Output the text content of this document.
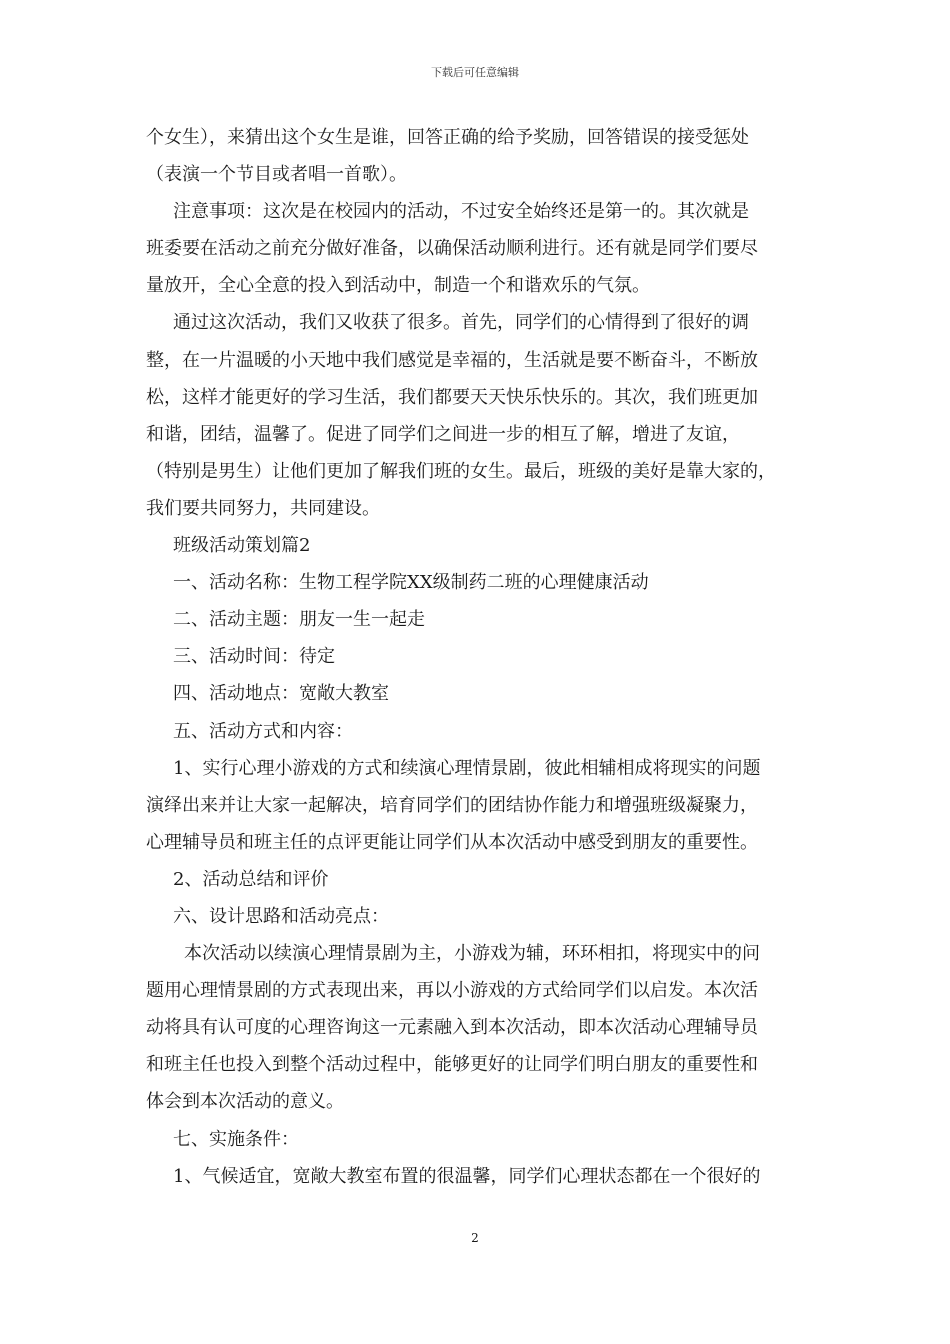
下载后可任意编辑
个女生），来猜出这个女生是谁，回答正确的给予奖励，回答错误的接受惩处
（表演一个节目或者唱一首歌）。
注意事项：这次是在校园内的活动，不过安全始终还是第一的。其次就是
班委要在活动之前充分做好准备，以确保活动顺利进行。还有就是同学们要尽
量放开，全心全意的投入到活动中，制造一个和谐欢乐的气氛。
通过这次活动，我们又收获了很多。首先，同学们的心情得到了很好的调
整，在一片温暖的小天地中我们感觉是幸福的，生活就是要不断奋斗，不断放
松，这样才能更好的学习生活，我们都要天天快乐快乐的。其次，我们班更加
和谐，团结，温馨了。促进了同学们之间进一步的相互了解，增进了友谊，
（特别是男生）让他们更加了解我们班的女生。最后，班级的美好是靠大家的，
我们要共同努力，共同建设。
班级活动策划篇2
一、活动名称：生物工程学院XX级制药二班的心理健康活动
二、活动主题：朋友一生一起走
三、活动时间：待定
四、活动地点：宽敞大教室
五、活动方式和内容：
1、实行心理小游戏的方式和续演心理情景剧，彼此相辅相成将现实的问题
演绎出来并让大家一起解决，培育同学们的团结协作能力和增强班级凝聚力，
心理辅导员和班主任的点评更能让同学们从本次活动中感受到朋友的重要性。
2、活动总结和评价
六、设计思路和活动亮点：
本次活动以续演心理情景剧为主，小游戏为辅，环环相扣，将现实中的问
题用心理情景剧的方式表现出来，再以小游戏的方式给同学们以启发。本次活
动将具有认可度的心理咨询这一元素融入到本次活动，即本次活动心理辅导员
和班主任也投入到整个活动过程中，能够更好的让同学们明白朋友的重要性和
体会到本次活动的意义。
七、实施条件：
1、气候适宜，宽敞大教室布置的很温馨，同学们心理状态都在一个很好的
2
